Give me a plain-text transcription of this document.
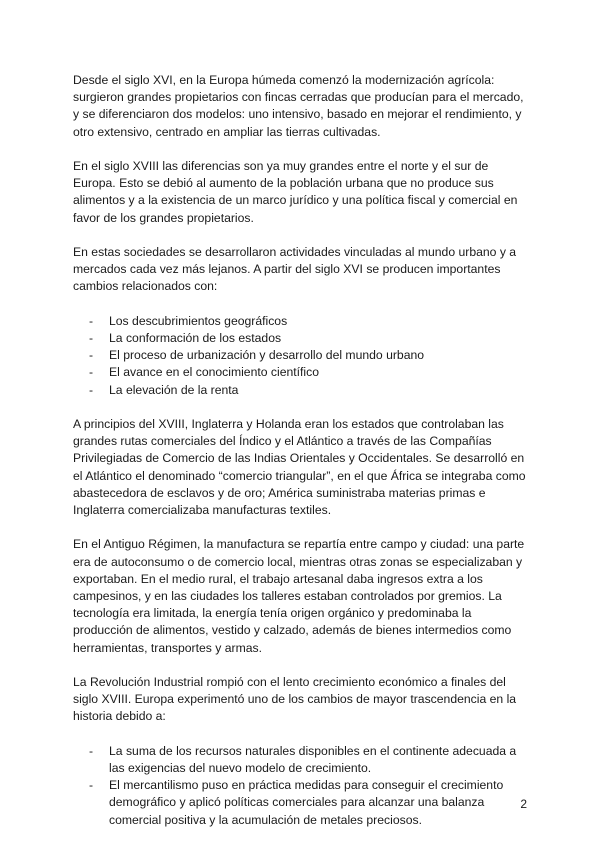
Desde el siglo XVI, en la Europa húmeda comenzó la modernización agrícola: surgieron grandes propietarios con fincas cerradas que producían para el mercado, y se diferenciaron dos modelos: uno intensivo, basado en mejorar el rendimiento, y otro extensivo, centrado en ampliar las tierras cultivadas.

En el siglo XVIII las diferencias son ya muy grandes entre el norte y el sur de Europa. Esto se debió al aumento de la población urbana que no produce sus alimentos y a la existencia de un marco jurídico y una política fiscal y comercial en favor de los grandes propietarios.

En estas sociedades se desarrollaron actividades vinculadas al mundo urbano y a mercados cada vez más lejanos. A partir del siglo XVI se producen importantes cambios relacionados con:

- Los descubrimientos geográficos
- La conformación de los estados
- El proceso de urbanización y desarrollo del mundo urbano
- El avance en el conocimiento científico
- La elevación de la renta

A principios del XVIII, Inglaterra y Holanda eran los estados que controlaban las grandes rutas comerciales del Índico y el Atlántico a través de las Compañías Privilegiadas de Comercio de las Indias Orientales y Occidentales. Se desarrolló en el Atlántico el denominado “comercio triangular”, en el que África se integraba como abastecedora de esclavos y de oro; América suministraba materias primas e Inglaterra comercializaba manufacturas textiles.

En el Antiguo Régimen, la manufactura se repartía entre campo y ciudad: una parte era de autoconsumo o de comercio local, mientras otras zonas se especializaban y exportaban. En el medio rural, el trabajo artesanal daba ingresos extra a los campesinos, y en las ciudades los talleres estaban controlados por gremios. La tecnología era limitada, la energía tenía origen orgánico y predominaba la producción de alimentos, vestido y calzado, además de bienes intermedios como herramientas, transportes y armas.

La Revolución Industrial rompió con el lento crecimiento económico a finales del siglo XVIII. Europa experimentó uno de los cambios de mayor trascendencia en la historia debido a:

- La suma de los recursos naturales disponibles en el continente adecuada a las exigencias del nuevo modelo de crecimiento.
- El mercantilismo puso en práctica medidas para conseguir el crecimiento demográfico y aplicó políticas comerciales para alcanzar una balanza comercial positiva y la acumulación de metales preciosos.
2
